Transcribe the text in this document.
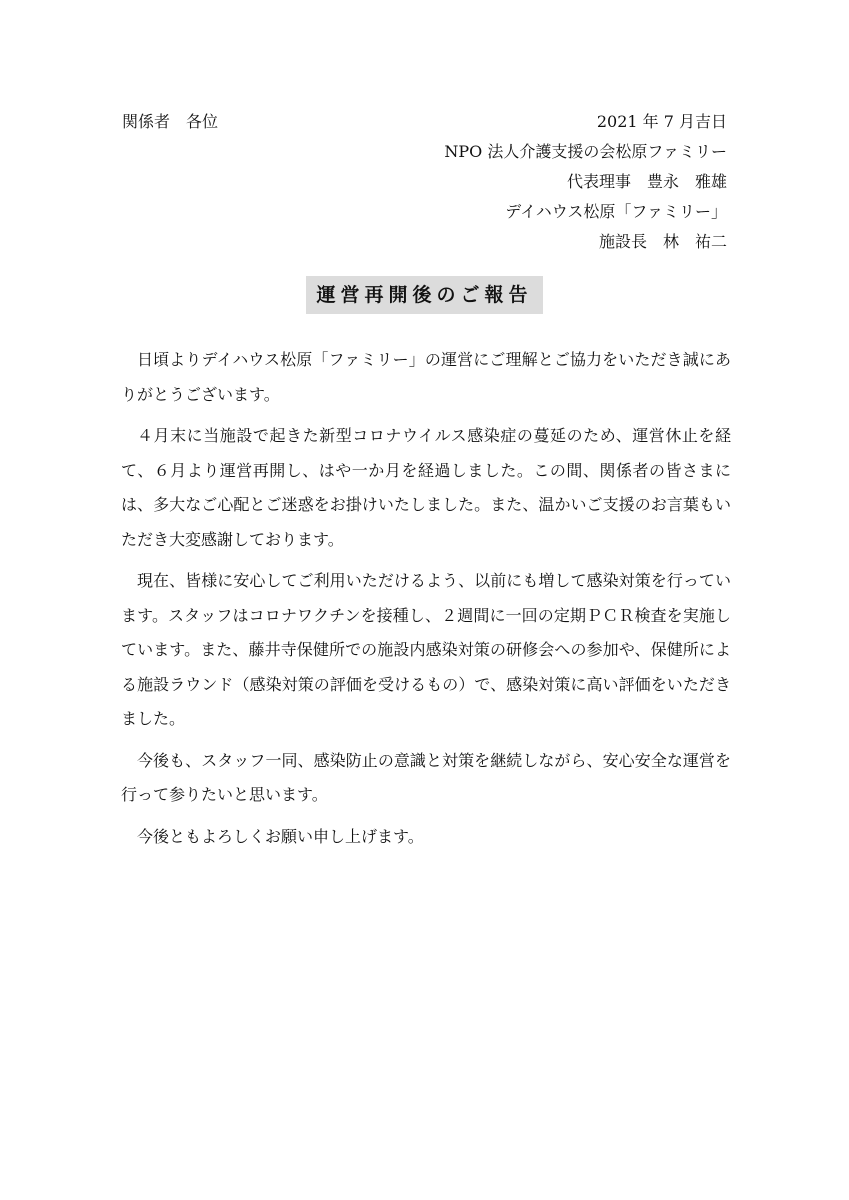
関係者　各位	2021 年 7 月吉日
NPO 法人介護支援の会松原ファミリー
代表理事　豊永　雅雄
デイハウス松原「ファミリー」
施設長　林　祐二
運営再開後のご報告

日頃よりデイハウス松原「ファミリー」の運営にご理解とご協力をいただき誠にありがとうございます。

４月末に当施設で起きた新型コロナウイルス感染症の蔓延のため、運営休止を経て、６月より運営再開し、はや一か月を経過しました。この間、関係者の皆さまには、多大なご心配とご迷惑をお掛けいたしました。また、温かいご支援のお言葉もいただき大変感謝しております。

現在、皆様に安心してご利用いただけるよう、以前にも増して感染対策を行っています。スタッフはコロナワクチンを接種し、２週間に一回の定期ＰＣＲ検査を実施しています。また、藤井寺保健所での施設内感染対策の研修会への参加や、保健所による施設ラウンド（感染対策の評価を受けるもの）で、感染対策に高い評価をいただきました。

今後も、スタッフ一同、感染防止の意識と対策を継続しながら、安心安全な運営を行って参りたいと思います。

今後ともよろしくお願い申し上げます。
